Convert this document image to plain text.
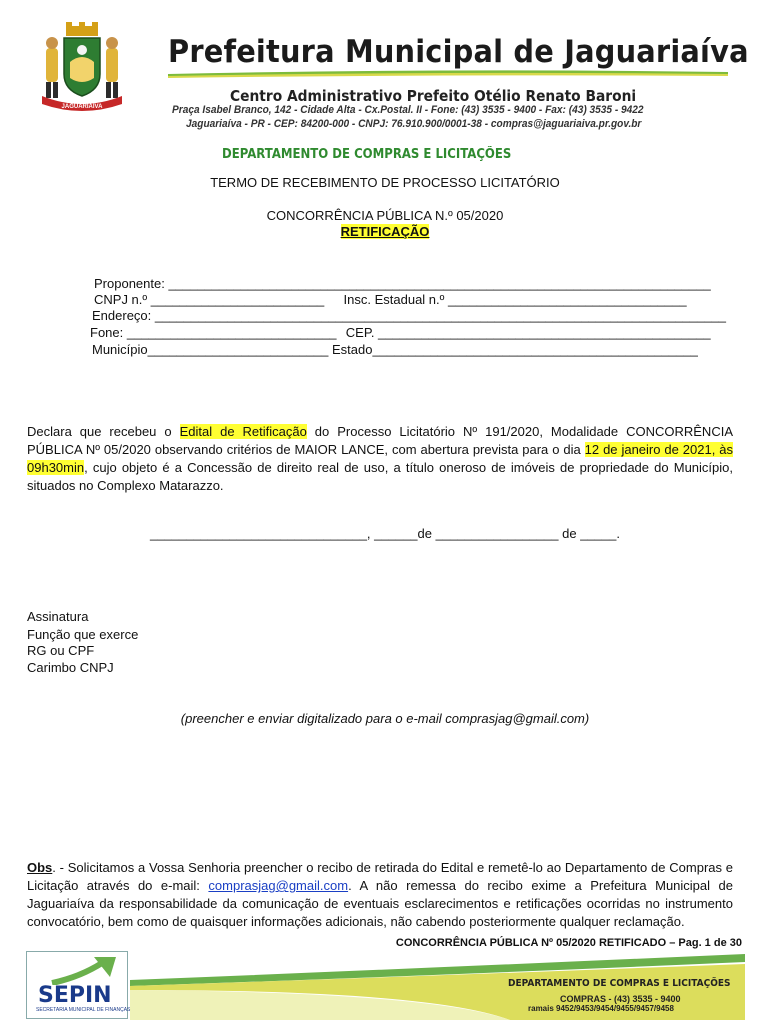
JAGUARIAIVA
Prefeitura Municipal de Jaguariaíva
Centro Administrativo Prefeito Otélio Renato Baroni
Praça Isabel Branco, 142 - Cidade Alta - Cx.Postal. II - Fone: (43) 3535 - 9400 - Fax: (43) 3535 - 9422
Jaguariaíva - PR - CEP: 84200-000 - CNPJ: 76.910.900/0001-38 - compras@jaguariaiva.pr.gov.br
DEPARTAMENTO DE COMPRAS E LICITAÇÕES
TERMO DE RECEBIMENTO DE PROCESSO LICITATÓRIO
CONCORRÊNCIA PÚBLICA N.º 05/2020
RETIFICAÇÃO
Proponente: ___________________________________________________________________________
CNPJ n.º ________________________ Insc. Estadual n.º _________________________________
Endereço: _______________________________________________________________________________
Fone: _____________________________ CEP. ______________________________________________
Município_________________________ Estado_____________________________________________
Declara que recebeu o Edital de Retificação do Processo Licitatório Nº 191/2020, Modalidade CONCORRÊNCIA PÚBLICA Nº 05/2020 observando critérios de MAIOR LANCE, com abertura prevista para o dia 12 de janeiro de 2021, às 09h30min, cujo objeto é a Concessão de direito real de uso, a título oneroso de imóveis de propriedade do Município, situados no Complexo Matarazzo.
______________________________, ______de _________________ de _____.
Assinatura
Função que exerce
RG ou CPF
Carimbo CNPJ
(preencher e enviar digitalizado para o e-mail comprasjag@gmail.com)
Obs. - Solicitamos a Vossa Senhoria preencher o recibo de retirada do Edital e remetê-lo ao Departamento de Compras e Licitação através do e-mail: comprasjag@gmail.com. A não remessa do recibo exime a Prefeitura Municipal de Jaguariaíva da responsabilidade da comunicação de eventuais esclarecimentos e retificações ocorridas no instrumento convocatório, bem como de quaisquer informações adicionais, não cabendo posteriormente qualquer reclamação.
CONCORRÊNCIA PÚBLICA Nº 05/2020 RETIFICADO – Pag. 1 de 30
SEPIN
SECRETARIA MUNICIPAL DE FINANÇAS
DEPARTAMENTO DE COMPRAS E LICITAÇÕES
COMPRAS - (43) 3535 - 9400
ramais 9452/9453/9454/9455/9457/9458
